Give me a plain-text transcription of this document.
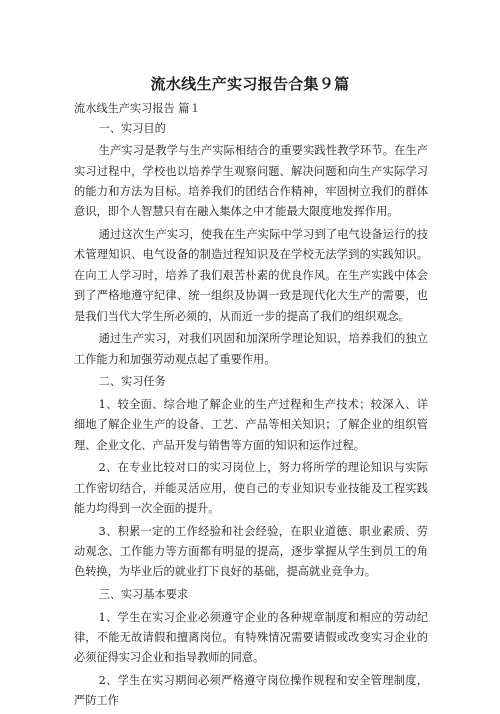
流水线生产实习报告合集９篇
流水线生产实习报告 篇１

一、实习目的

生产实习是教学与生产实际相结合的重要实践性教学环节。在生产实习过程中，学校也以培养学生观察问题、解决问题和向生产实际学习的能力和方法为目标。培养我们的团结合作精神，牢固树立我们的群体意识，即个人智慧只有在融入集体之中才能最大限度地发挥作用。

通过这次生产实习，使我在生产实际中学习到了电气设备运行的技术管理知识、电气设备的制造过程知识及在学校无法学到的实践知识。在向工人学习时，培养了我们艰苦朴素的优良作风。在生产实践中体会到了严格地遵守纪律、统一组织及协调一致是现代化大生产的需要，也是我们当代大学生所必须的，从而近一步的提高了我们的组织观念。

通过生产实习，对我们巩固和加深所学理论知识，培养我们的独立工作能力和加强劳动观点起了重要作用。

二、实习任务

1、较全面、综合地了解企业的生产过程和生产技术；较深入、详细地了解企业生产的设备、工艺、产品等相关知识；了解企业的组织管理、企业文化、产品开发与销售等方面的知识和运作过程。

2、在专业比较对口的实习岗位上，努力将所学的理论知识与实际工作密切结合，并能灵活应用，使自己的专业知识专业技能及工程实践能力均得到一次全面的提升。

3、积累一定的工作经验和社会经验，在职业道德、职业素质、劳动观念、工作能力等方面都有明显的提高，逐步掌握从学生到员工的角色转换，为毕业后的就业打下良好的基础，提高就业竞争力。

三、实习基本要求

1、学生在实习企业必须遵守企业的各种规章制度和相应的劳动纪律，不能无故请假和擅离岗位。有特殊情况需要请假或改变实习企业的必须征得实习企业和指导教师的同意。

2、学生在实习期间必须严格遵守岗位操作规程和安全管理制度，严防工作
